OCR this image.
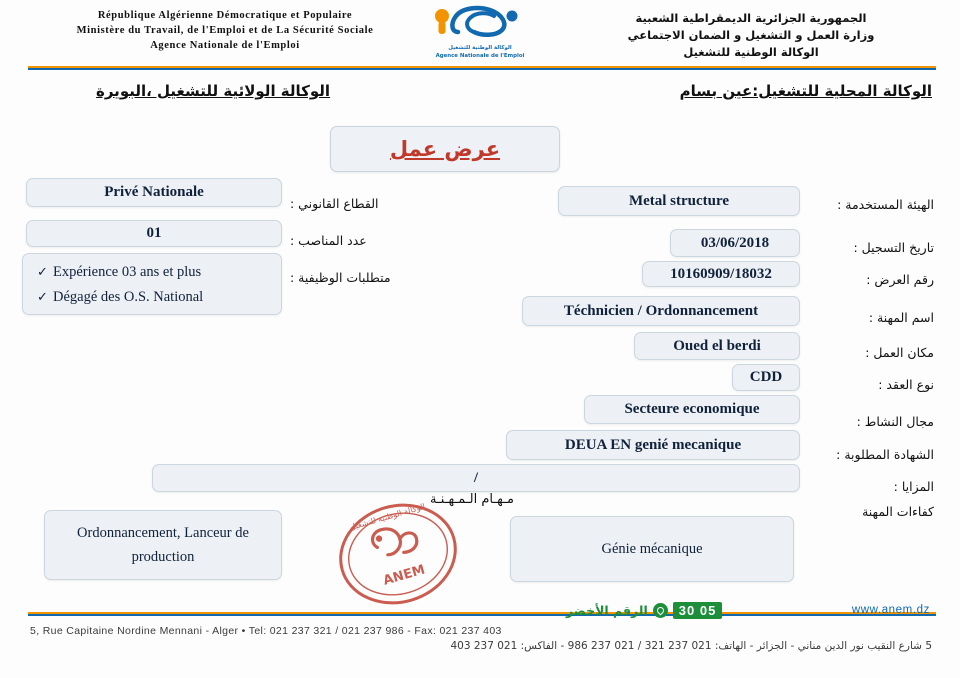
République Algérienne Démocratique et Populaire
Ministère du Travail, de l'Emploi et de La Sécurité Sociale
Agence Nationale de l'Emploi	الوكالة الوطنية للتشغيل
Agence Nationale de l'Emploi
الجمهورية الجزائرية الديمقراطية الشعبية
وزارة العمل و التشغيل و الضمان الاجتماعي
الوكالة الوطنية للتشغيل
الوكالة الولائية للتشغيل ،البويرة	الوكالة المحلية للتشغيل:عين بسام
عرض عمل
الهيئة المستخدمة :
Metal structure
تاريخ التسجيل :
03/06/2018
رقم العرض :
10160909/18032
اسم المهنة :
Téchnicien / Ordonnancement
مكان العمل :
Oued el berdi
نوع العقد :
CDD
مجال النشاط :
Secteure economique
الشهادة المطلوبة :
DEUA EN genié mecanique
المزايا :
/
كفاءات المهنة
القطاع القانوني :
Privé Nationale
عدد المناصب :
01
متطلبات الوظيفية :
✓ Expérience 03 ans et plus
✓ Dégagé des O.S. National
مـهـام الـمـهـنـة
Ordonnancement, Lanceur de production	Génie mécanique
ANEM
الوكالة الوطنية للتشغيل
الرقم الأخضر	30 05	www.anem.dz
5, Rue Capitaine Nordine Mennani - Alger • Tel: 021 237 321 / 021 237 986 - Fax: 021 237 403
5 شارع النقيب نور الدين مناني - الجزائر - الهاتف: 021 237 321 / 021 237 986 - الفاكس: 021 237 403
